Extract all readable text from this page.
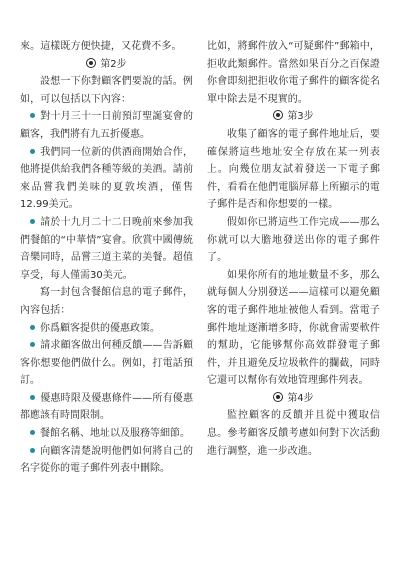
來。這樣既方便快捷，又花費不多。

第2步

設想一下你對顧客們要說的話。例如，可以包括以下內容：

對十月三十一日前預訂聖誕宴會的顧客，我們將有九五折優惠。

我們同一位新的供酒商開始合作，他將提供給我們各種等級的美酒。請前來品嘗我們美味的夏敦埃酒，僅售12.99美元。

請於十九月二十二日晚前來參加我們餐館的“中華情”宴會。欣賞中國傳統音樂同時，品嘗三道主菜的美餐。超值享受，每人僅需30美元。

寫一封包含餐館信息的電子郵件，內容包括：

你爲顧客提供的優惠政策。

請求顧客做出何種反饋——告訴顧客你想要他們做什么。例如，打電話預訂。

優惠時限及優惠條件——所有優惠都應該有時間限制。

餐館名稱、地址以及服務等細節。

向顧客清楚說明他們如何將自己的名字從你的電子郵件列表中刪除。

比如，將郵件放入“可疑郵件”郵箱中，拒收此類郵件。當然如果百分之百保證你會即刻把拒收你電子郵件的顧客從名單中除去是不現實的。

第3步

收集了顧客的電子郵件地址后，要確保將這些地址安全存放在某一列表上。向幾位朋友試着發送一下電子郵件，看看在他們電腦屏幕上所顯示的電子郵件是否和你想要的一樣。

假如你已將這些工作完成——那么你就可以大膽地發送出你的電子郵件了。

如果你所有的地址數量不多，那么就每個人分別發送——這樣可以避免顧客的電子郵件地址被他人看到。當電子郵件地址逐漸增多時，你就會需要軟件的幫助，它能够幫你高效群發電子郵件，并且避免反垃圾軟件的攔截，同時它還可以幫你有效地管理郵件列表。

第4步

監控顧客的反饋并且從中獲取信息。參考顧客反饋考慮如何對下次活動進行調整，進一步改進。
